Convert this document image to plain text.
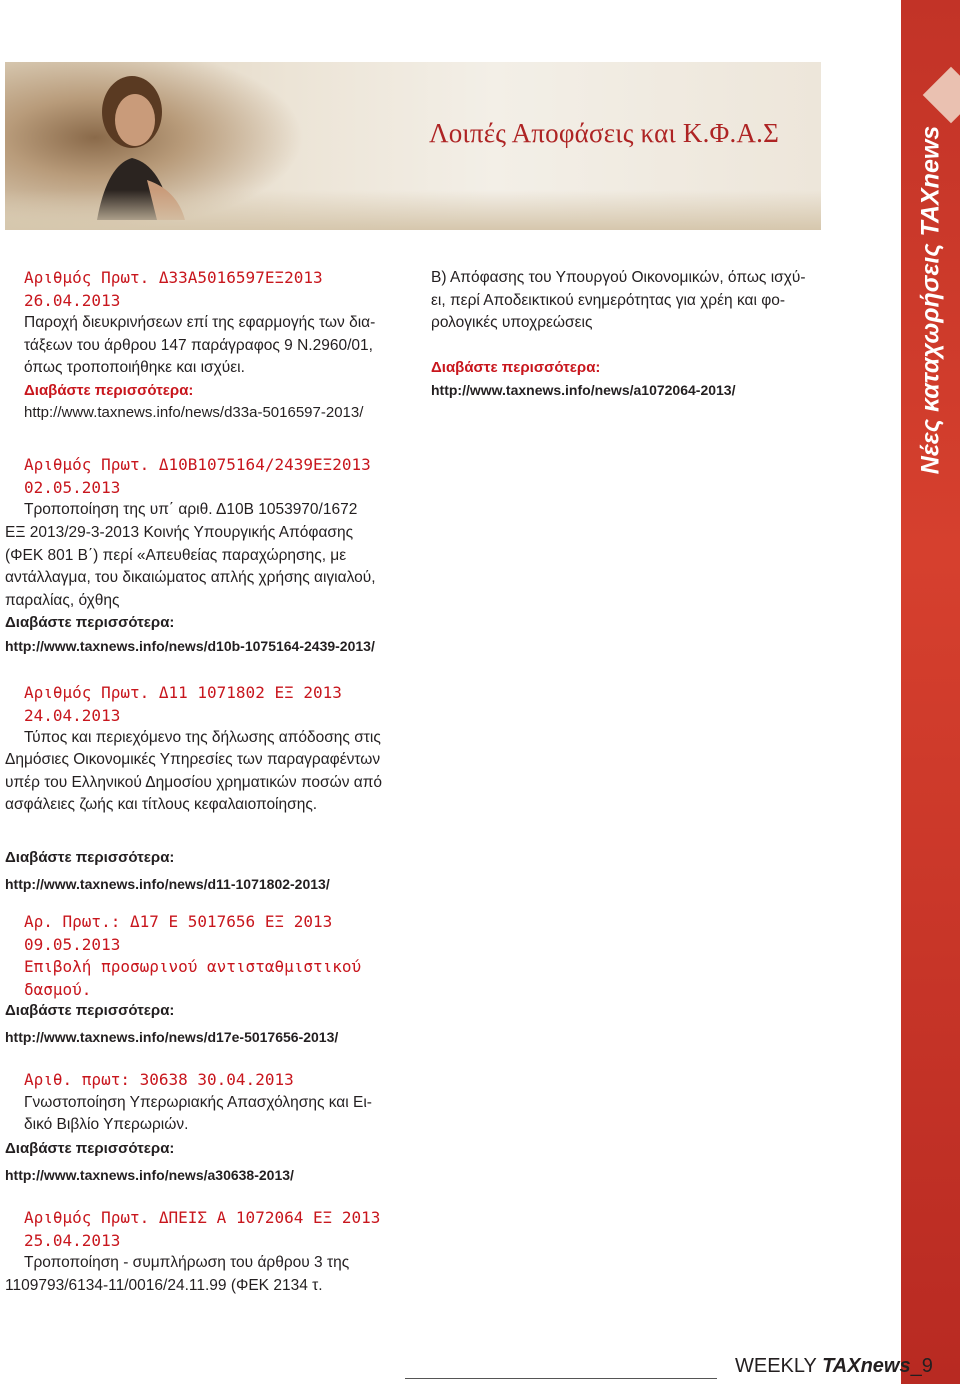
Λοιπές Αποφάσεις και Κ.Φ.Α.Σ	Νέες καταχωρήσεις TAXnews
Αριθμός Πρωτ. Δ33Α5016597ΕΞ2013
26.04.2013
Παροχή διευκρινήσεων επί της εφαρμογής των δια-
τάξεων του άρθρου 147 παράγραφος 9 Ν.2960/01,
όπως τροποποιήθηκε και ισχύει.
Διαβάστε περισσότερα:
http://www.taxnews.info/news/d33a-5016597-2013/
Αριθμός Πρωτ. Δ10Β1075164/2439ΕΞ2013
02.05.2013
Τροποποίηση της υπ΄ αριθ. Δ10Β 1053970/1672
ΕΞ 2013/29-3-2013 Κοινής Υπουργικής Απόφασης
(ΦΕΚ 801 Β΄) περί «Απευθείας παραχώρησης, με
αντάλλαγμα, του δικαιώματος απλής χρήσης αιγιαλού,
παραλίας, όχθης
Διαβάστε περισσότερα:
http://www.taxnews.info/news/d10b-1075164-2439-2013/
Αριθμός Πρωτ. Δ11 1071802 ΕΞ 2013
24.04.2013
Τύπος και περιεχόμενο της δήλωσης απόδοσης στις
Δημόσιες Οικονομικές Υπηρεσίες των παραγραφέντων
υπέρ του Ελληνικού Δημοσίου χρηματικών ποσών από
ασφάλειες ζωής και τίτλους κεφαλαιοποίησης.
Διαβάστε περισσότερα:
http://www.taxnews.info/news/d11-1071802-2013/
Αρ. Πρωτ.: Δ17 Ε 5017656 ΕΞ 2013
09.05.2013
Επιβολή προσωρινού αντισταθμιστικού
δασμού.
Διαβάστε περισσότερα:
http://www.taxnews.info/news/d17e-5017656-2013/
Αριθ. πρωτ: 30638 30.04.2013
Γνωστοποίηση Υπερωριακής Απασχόλησης και Ει-
δικό Βιβλίο Υπερωριών.
Διαβάστε περισσότερα:
http://www.taxnews.info/news/a30638-2013/
Αριθμός Πρωτ. ΔΠΕΙΣ Α 1072064 ΕΞ 2013
25.04.2013
Τροποποίηση - συμπλήρωση του άρθρου 3 της
1109793/6134-11/0016/24.11.99 (ΦΕΚ 2134 τ.
Β) Απόφασης του Υπουργού Οικονομικών, όπως ισχύ-
ει, περί Αποδεικτικού ενημερότητας για χρέη και φο-
ρολογικές υποχρεώσεις
Διαβάστε περισσότερα:
http://www.taxnews.info/news/a1072064-2013/
WEEKLY TAXnews_9
